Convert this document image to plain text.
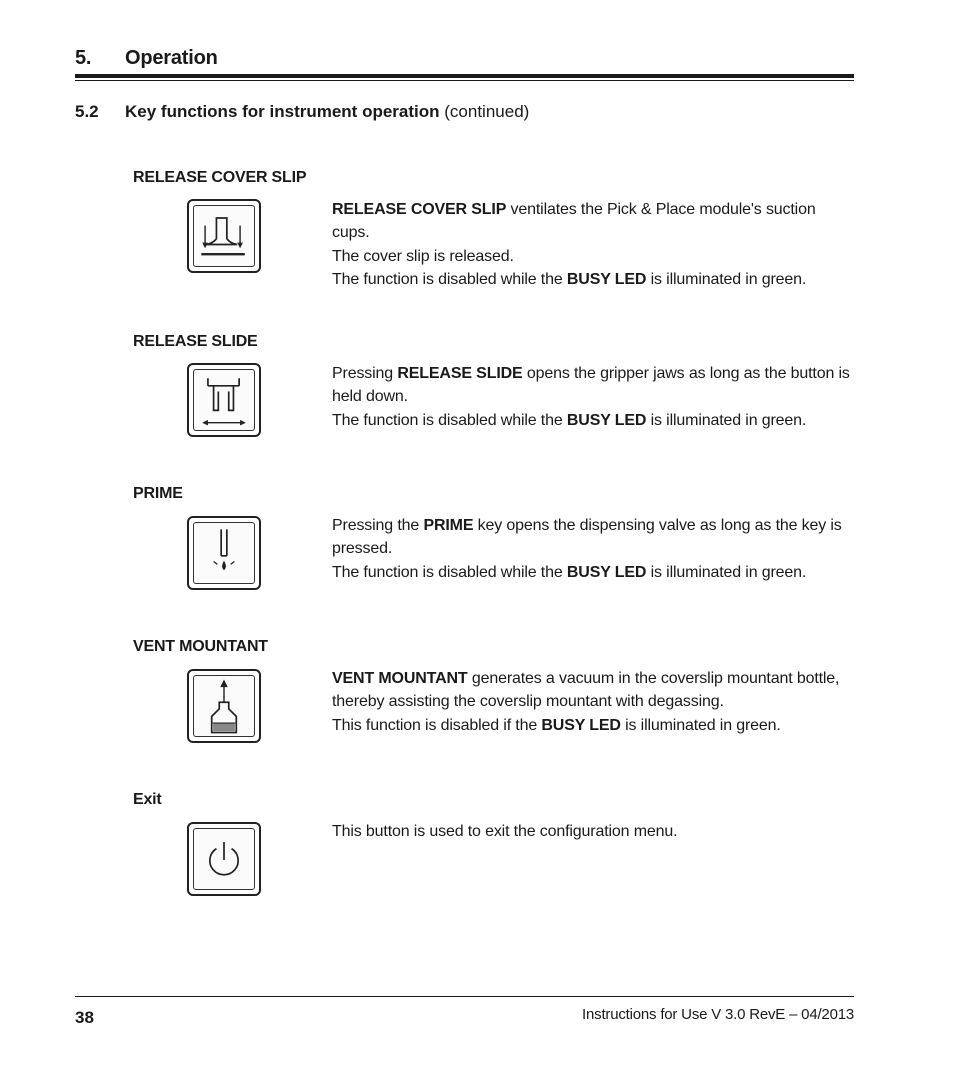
5. Operation
5.2 Key functions for instrument operation (continued)
RELEASE COVER SLIP

RELEASE COVER SLIP ventilates the Pick & Place module's suction cups.

The cover slip is released.

The function is disabled while the BUSY LED is illuminated in green.

RELEASE SLIDE

Pressing RELEASE SLIDE opens the gripper jaws as long as the button is held down.

The function is disabled while the BUSY LED is illuminated in green.

PRIME

Pressing the PRIME key opens the dispensing valve as long as the key is pressed.

The function is disabled while the BUSY LED is illuminated in green.

VENT MOUNTANT

VENT MOUNTANT generates a vacuum in the coverslip mountant bottle, thereby assisting the coverslip mountant with degassing.

This function is disabled if the BUSY LED is illuminated in green.

Exit

This button is used to exit the configuration menu.

38	Instructions for Use V 3.0 RevE – 04/2013
